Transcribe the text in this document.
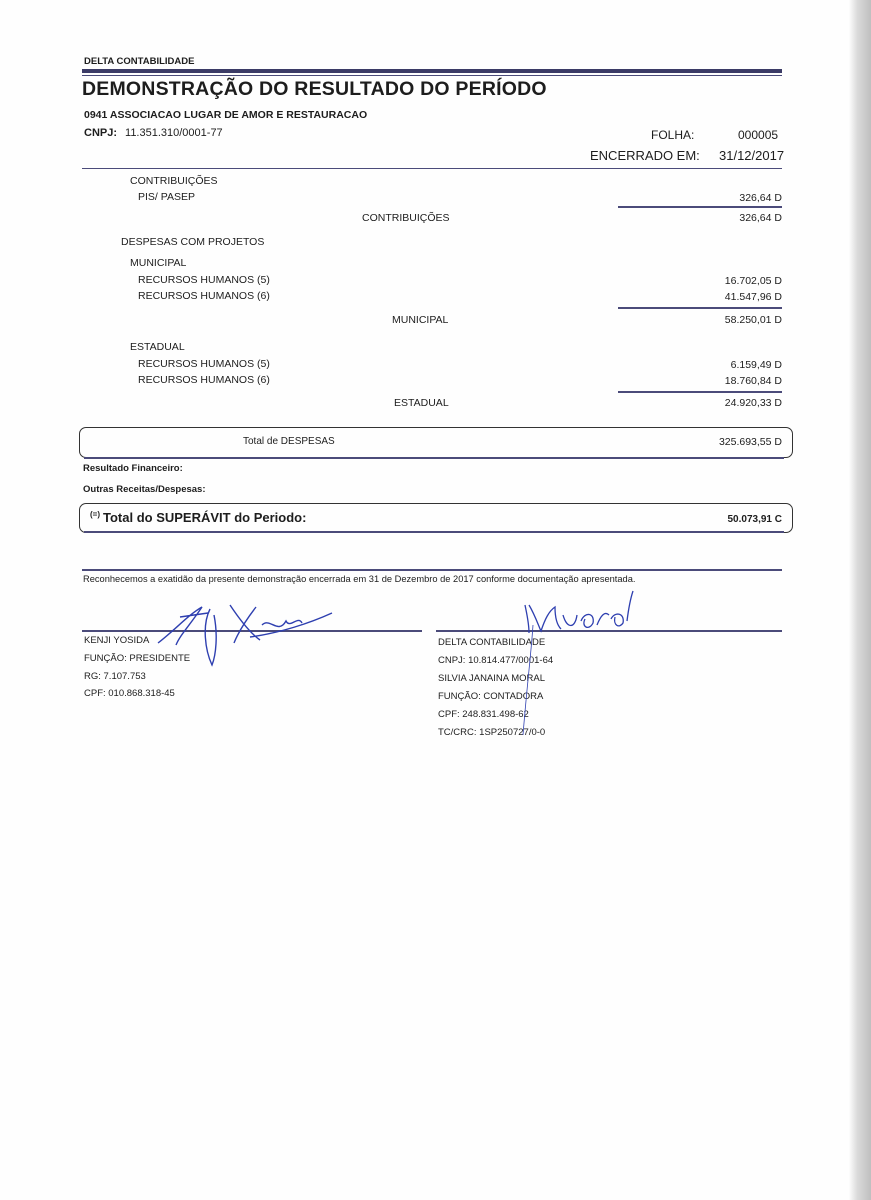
DELTA CONTABILIDADE
DEMONSTRAÇÃO DO RESULTADO DO PERÍODO
0941 ASSOCIACAO LUGAR DE AMOR E RESTAURACAO
CNPJ: 11.351.310/0001-77	FOLHA:	000005
ENCERRADO EM: 31/12/2017
CONTRIBUIÇÕES
PIS/ PASEP	326,64 D
CONTRIBUIÇÕES	326,64 D
DESPESAS COM PROJETOS
MUNICIPAL
RECURSOS HUMANOS (5)	16.702,05 D
RECURSOS HUMANOS (6)	41.547,96 D
MUNICIPAL	58.250,01 D
ESTADUAL
RECURSOS HUMANOS (5)	6.159,49 D
RECURSOS HUMANOS (6)	18.760,84 D
ESTADUAL	24.920,33 D
Total de DESPESAS	325.693,55 D
Resultado Financeiro:
Outras Receitas/Despesas:
(=) Total do SUPERÁVIT do Periodo:	50.073,91 C
Reconhecemos a exatidão da presente demonstração encerrada em 31 de Dezembro de 2017 conforme documentação apresentada.
KENJI YOSIDA
FUNÇÃO: PRESIDENTE
RG: 7.107.753
CPF: 010.868.318-45
DELTA CONTABILIDADE
CNPJ: 10.814.477/0001-64
SILVIA JANAINA MORAL
FUNÇÃO: CONTADORA
CPF: 248.831.498-62
TC/CRC: 1SP250727/0-0
